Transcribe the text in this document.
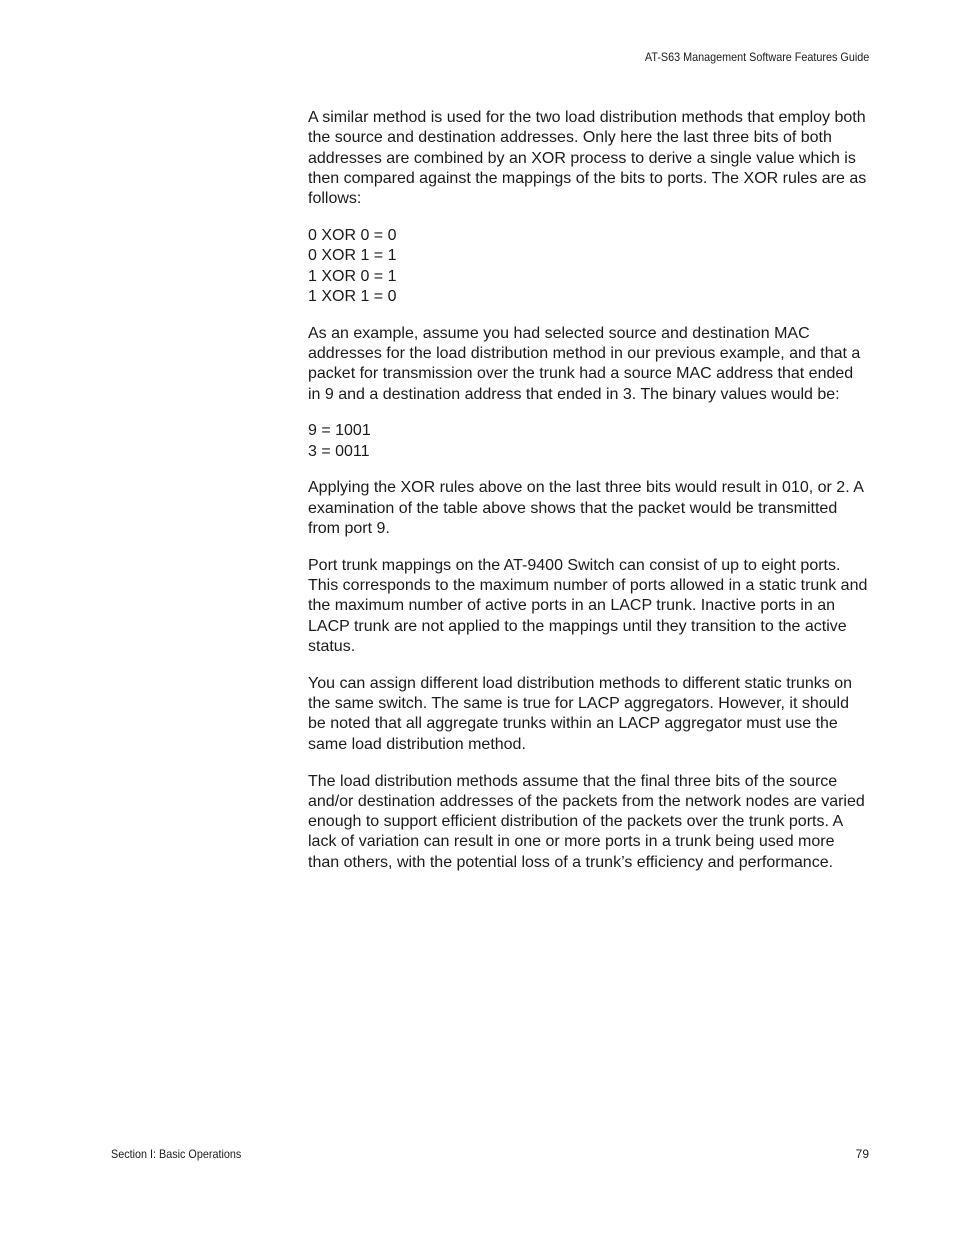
AT-S63 Management Software Features Guide

A similar method is used for the two load distribution methods that employ both the source and destination addresses. Only here the last three bits of both addresses are combined by an XOR process to derive a single value which is then compared against the mappings of the bits to ports. The XOR rules are as follows:

0 XOR 0 = 0
0 XOR 1 = 1
1 XOR 0 = 1
1 XOR 1 = 0

As an example, assume you had selected source and destination MAC addresses for the load distribution method in our previous example, and that a packet for transmission over the trunk had a source MAC address that ended in 9 and a destination address that ended in 3. The binary values would be:

9 = 1001
3 = 0011

Applying the XOR rules above on the last three bits would result in 010, or 2. A examination of the table above shows that the packet would be transmitted from port 9.

Port trunk mappings on the AT-9400 Switch can consist of up to eight ports. This corresponds to the maximum number of ports allowed in a static trunk and the maximum number of active ports in an LACP trunk. Inactive ports in an LACP trunk are not applied to the mappings until they transition to the active status.

You can assign different load distribution methods to different static trunks on the same switch. The same is true for LACP aggregators. However, it should be noted that all aggregate trunks within an LACP aggregator must use the same load distribution method.

The load distribution methods assume that the final three bits of the source and/or destination addresses of the packets from the network nodes are varied enough to support efficient distribution of the packets over the trunk ports. A lack of variation can result in one or more ports in a trunk being used more than others, with the potential loss of a trunk’s efficiency and performance.

Section I: Basic Operations	79
